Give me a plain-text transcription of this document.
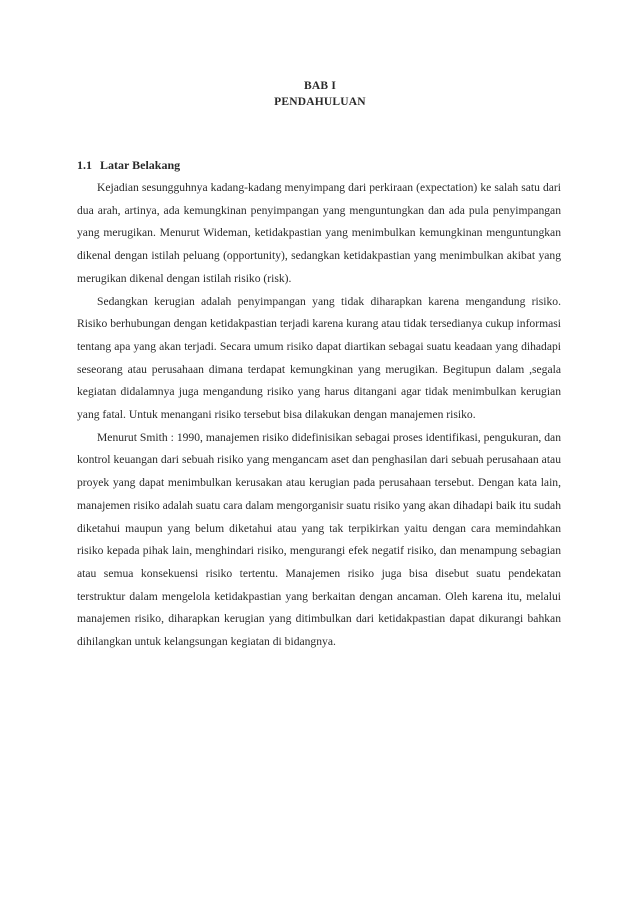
BAB I
PENDAHULUAN
1.1 Latar Belakang

Kejadian sesungguhnya kadang-kadang menyimpang dari perkiraan (expectation) ke salah satu dari dua arah, artinya, ada kemungkinan penyimpangan yang menguntungkan dan ada pula penyimpangan yang merugikan. Menurut Wideman, ketidakpastian yang menimbulkan kemungkinan menguntungkan dikenal dengan istilah peluang (opportunity), sedangkan ketidakpastian yang menimbulkan akibat yang merugikan dikenal dengan istilah risiko (risk).

Sedangkan kerugian adalah penyimpangan yang tidak diharapkan karena mengandung risiko. Risiko berhubungan dengan ketidakpastian terjadi karena kurang atau tidak tersedianya cukup informasi tentang apa yang akan terjadi. Secara umum risiko dapat diartikan sebagai suatu keadaan yang dihadapi seseorang atau perusahaan dimana terdapat kemungkinan yang merugikan. Begitupun dalam ,segala kegiatan didalamnya juga mengandung risiko yang harus ditangani agar tidak menimbulkan kerugian yang fatal. Untuk menangani risiko tersebut bisa dilakukan dengan manajemen risiko.

Menurut Smith : 1990, manajemen risiko didefinisikan sebagai proses identifikasi, pengukuran, dan kontrol keuangan dari sebuah risiko yang mengancam aset dan penghasilan dari sebuah perusahaan atau proyek yang dapat menimbulkan kerusakan atau kerugian pada perusahaan tersebut. Dengan kata lain, manajemen risiko adalah suatu cara dalam mengorganisir suatu risiko yang akan dihadapi baik itu sudah diketahui maupun yang belum diketahui atau yang tak terpikirkan yaitu dengan cara memindahkan risiko kepada pihak lain, menghindari risiko, mengurangi efek negatif risiko, dan menampung sebagian atau semua konsekuensi risiko tertentu. Manajemen risiko juga bisa disebut suatu pendekatan terstruktur dalam mengelola ketidakpastian yang berkaitan dengan ancaman. Oleh karena itu, melalui manajemen risiko, diharapkan kerugian yang ditimbulkan dari ketidakpastian dapat dikurangi bahkan dihilangkan untuk kelangsungan kegiatan di bidangnya.
